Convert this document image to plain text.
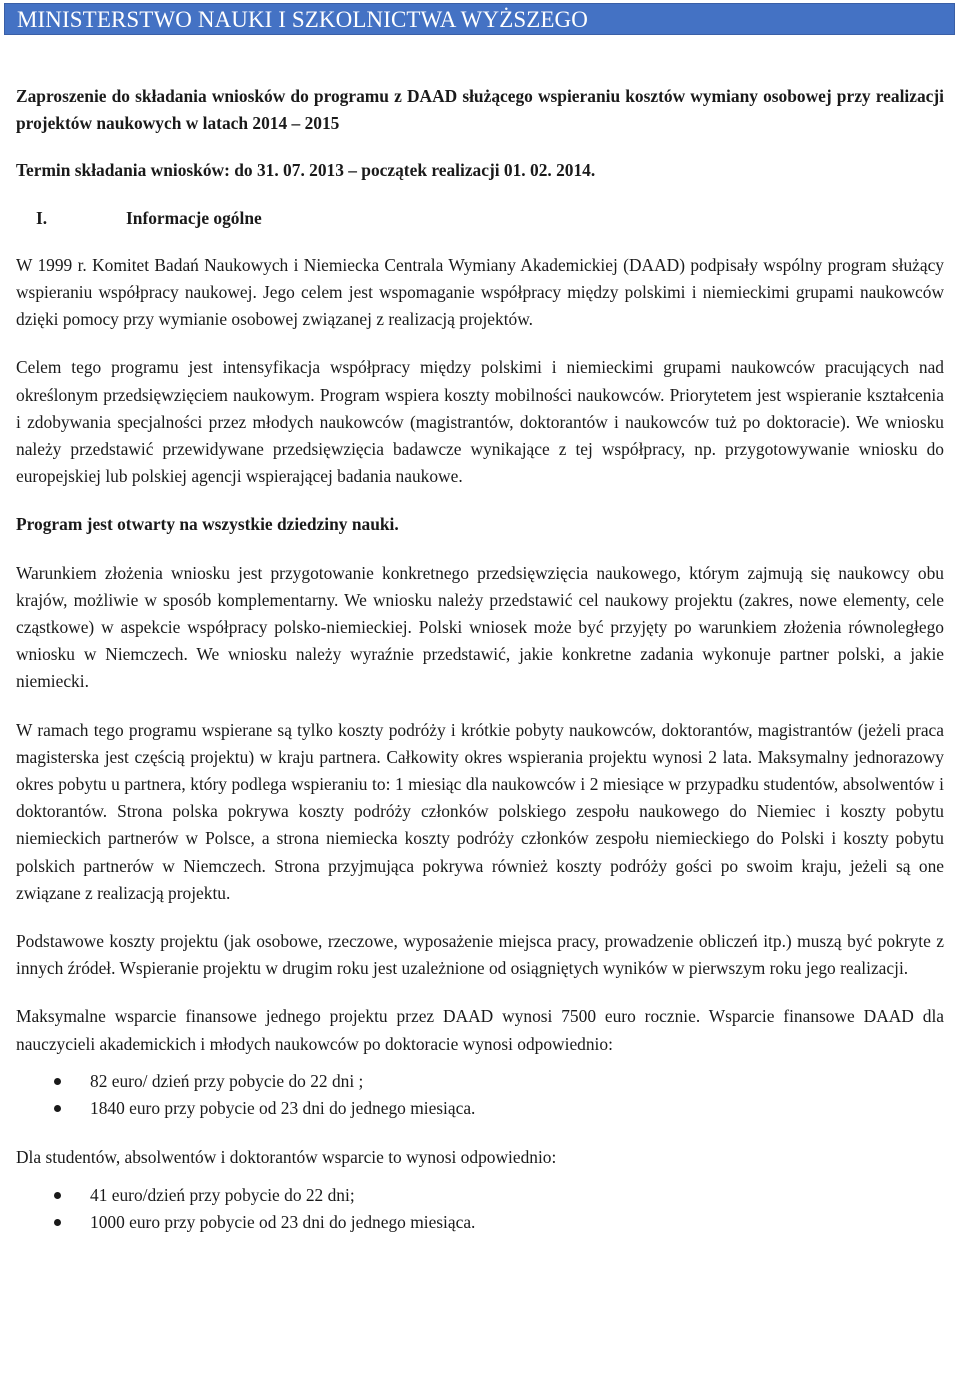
MINISTERSTWO NAUKI I SZKOLNICTWA WYŻSZEGO

Zaproszenie do składania wniosków do programu z DAAD służącego wspieraniu kosztów wymiany osobowej przy realizacji projektów naukowych w latach 2014 – 2015

Termin składania wniosków: do 31. 07. 2013 – początek realizacji 01. 02. 2014.

I.	Informacje ogólne

W 1999 r. Komitet Badań Naukowych i Niemiecka Centrala Wymiany Akademickiej (DAAD) podpisały wspólny program służący wspieraniu współpracy naukowej. Jego celem jest wspomaganie współpracy między polskimi i niemieckimi grupami naukowców dzięki pomocy przy wymianie osobowej związanej z realizacją projektów.

Celem tego programu jest intensyfikacja współpracy między polskimi i niemieckimi grupami naukowców pracujących nad określonym przedsięwzięciem naukowym. Program wspiera koszty mobilności naukowców. Priorytetem jest wspieranie kształcenia i zdobywania specjalności przez młodych naukowców (magistrantów, doktorantów i naukowców tuż po doktoracie). We wniosku należy przedstawić przewidywane przedsięwzięcia badawcze wynikające z tej współpracy, np. przygotowywanie wniosku do europejskiej lub polskiej agencji wspierającej badania naukowe.

Program jest otwarty na wszystkie dziedziny nauki.

Warunkiem złożenia wniosku jest przygotowanie konkretnego przedsięwzięcia naukowego, którym zajmują się naukowcy obu krajów, możliwie w sposób komplementarny. We wniosku należy przedstawić cel naukowy projektu (zakres, nowe elementy, cele cząstkowe) w aspekcie współpracy polsko-niemieckiej. Polski wniosek może być przyjęty po warunkiem złożenia równoległego wniosku w Niemczech. We wniosku należy wyraźnie przedstawić, jakie konkretne zadania wykonuje partner polski, a jakie niemiecki.

W ramach tego programu wspierane są tylko koszty podróży i krótkie pobyty naukowców, doktorantów, magistrantów (jeżeli praca magisterska jest częścią projektu) w kraju partnera. Całkowity okres wspierania projektu wynosi 2 lata. Maksymalny jednorazowy okres pobytu u partnera, który podlega wspieraniu to: 1 miesiąc dla naukowców i 2 miesiące w przypadku studentów, absolwentów i doktorantów. Strona polska pokrywa koszty podróży członków polskiego zespołu naukowego do Niemiec i koszty pobytu niemieckich partnerów w Polsce, a strona niemiecka koszty podróży członków zespołu niemieckiego do Polski i koszty pobytu polskich partnerów w Niemczech. Strona przyjmująca pokrywa również koszty podróży gości po swoim kraju, jeżeli są one związane z realizacją projektu.

Podstawowe koszty projektu (jak osobowe, rzeczowe, wyposażenie miejsca pracy, prowadzenie obliczeń itp.) muszą być pokryte z innych źródeł. Wspieranie projektu w drugim roku jest uzależnione od osiągniętych wyników w pierwszym roku jego realizacji.

Maksymalne wsparcie finansowe jednego projektu przez DAAD wynosi 7500 euro rocznie. Wsparcie finansowe DAAD dla nauczycieli akademickich i młodych naukowców po doktoracie wynosi odpowiednio:

82 euro/ dzień przy pobycie do 22 dni ;
1840 euro przy pobycie od 23 dni do jednego miesiąca.

Dla studentów, absolwentów i doktorantów wsparcie to wynosi odpowiednio:

41 euro/dzień przy pobycie do 22 dni;
1000 euro przy pobycie od 23 dni do jednego miesiąca.
